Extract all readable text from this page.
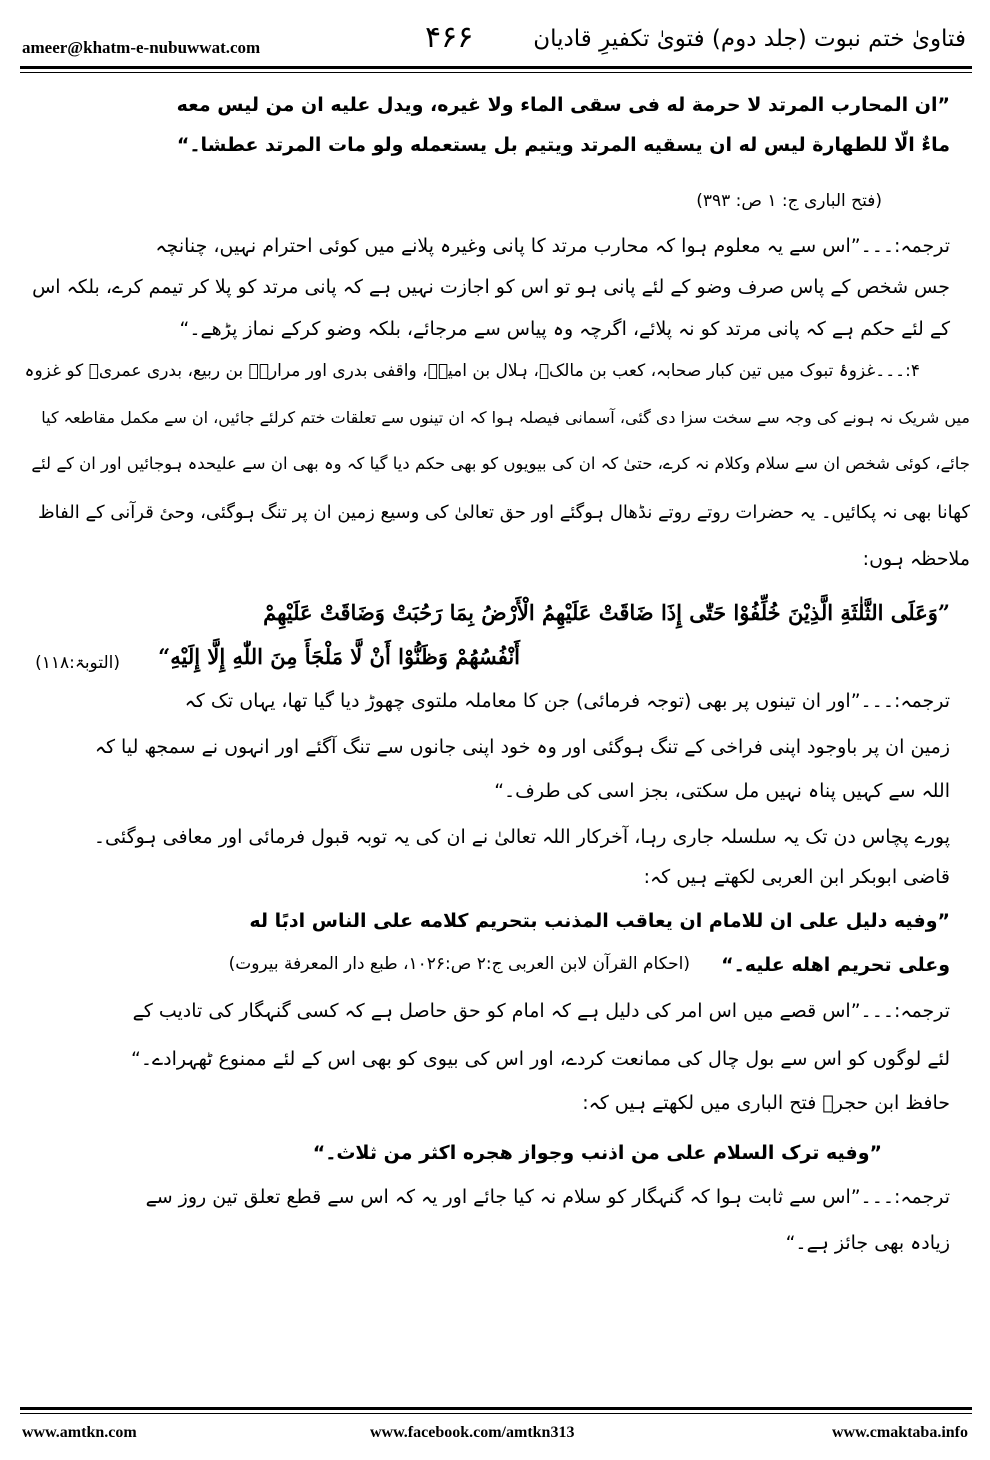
ameer@khatm-e-nubuwwat.com	۴۶۶	فتاویٰ ختم نبوت (جلد دوم) فتویٰ تکفیرِ قادیان
”ان المحارب المرتد لا حرمة له فی سقی الماء ولا غیره، ویدل علیه ان من لیس معه
ماءٌ الّا للطهارة لیس له ان یسقیه المرتد ویتیم بل یستعمله ولو مات المرتد عطشا۔“
(فتح الباری ج: ۱ ص: ۳۹۳)
ترجمہ:۔۔۔”اس سے یہ معلوم ہوا کہ محارب مرتد کا پانی وغیرہ پلانے میں کوئی احترام نہیں، چنانچہ
جس شخص کے پاس صرف وضو کے لئے پانی ہو تو اس کو اجازت نہیں ہے کہ پانی مرتد کو پلا کر تیمم کرے، بلکہ اس
کے لئے حکم ہے کہ پانی مرتد کو نہ پلائے، اگرچہ وہ پیاس سے مرجائے، بلکہ وضو کرکے نماز پڑھے۔“
۴:۔۔۔غزوۂ تبوک میں تین کبار صحابہ، کعب بن مالکؓ، ہلال بن امیہؓ، واقفی بدری اور مرارہؓ بن ربیع، بدری عمریؓ کو غزوہ
میں شریک نہ ہونے کی وجہ سے سخت سزا دی گئی، آسمانی فیصلہ ہوا کہ ان تینوں سے تعلقات ختم کرلئے جائیں، ان سے مکمل مقاطعہ کیا
جائے، کوئی شخص ان سے سلام وکلام نہ کرے، حتیٰ کہ ان کی بیویوں کو بھی حکم دیا گیا کہ وہ بھی ان سے علیحدہ ہوجائیں اور ان کے لئے
کھانا بھی نہ پکائیں۔ یہ حضرات روتے روتے نڈھال ہوگئے اور حق تعالیٰ کی وسیع زمین ان پر تنگ ہوگئی، وحیٔ قرآنی کے الفاظ
ملاحظہ ہوں:
”وَعَلَى الثَّلٰثَةِ الَّذِيْنَ خُلِّفُوْا حَتّٰى إِذَا ضَاقَتْ عَلَيْهِمُ الْأَرْضُ بِمَا رَحُبَتْ وَضَاقَتْ عَلَيْهِمْ
أَنْفُسُهُمْ وَظَنُّوْا أَنْ لَّا مَلْجَأَ مِنَ اللّٰهِ إِلَّا إِلَيْهِ“
(التوبۃ:۱۱۸)
ترجمہ:۔۔۔”اور ان تینوں پر بھی (توجہ فرمائی) جن کا معاملہ ملتوی چھوڑ دیا گیا تھا، یہاں تک کہ
زمین ان پر باوجود اپنی فراخی کے تنگ ہوگئی اور وہ خود اپنی جانوں سے تنگ آگئے اور انہوں نے سمجھ لیا کہ
اللہ سے کہیں پناہ نہیں مل سکتی، بجز اسی کی طرف۔“
پورے پچاس دن تک یہ سلسلہ جاری رہا، آخرکار اللہ تعالیٰ نے ان کی یہ توبہ قبول فرمائی اور معافی ہوگئی۔
قاضی ابوبکر ابن العربی لکھتے ہیں کہ:
”وفیه دلیل علی ان للامام ان یعاقب المذنب بتحریم کلامه علی الناس ادبًا له
وعلی تحریم اهله علیه۔“
(احکام القرآن لابن العربی ج:۲ ص:۱۰۲۶، طبع دار المعرفة بیروت)
ترجمہ:۔۔۔”اس قصے میں اس امر کی دلیل ہے کہ امام کو حق حاصل ہے کہ کسی گنہگار کی تادیب کے
لئے لوگوں کو اس سے بول چال کی ممانعت کردے، اور اس کی بیوی کو بھی اس کے لئے ممنوع ٹھہرادے۔“
حافظ ابن حجرؒ فتح الباری میں لکھتے ہیں کہ:
”وفیه ترک السلام علی من اذنب وجواز هجره اکثر من ثلاث۔“
ترجمہ:۔۔۔”اس سے ثابت ہوا کہ گنہگار کو سلام نہ کیا جائے اور یہ کہ اس سے قطع تعلق تین روز سے
زیادہ بھی جائز ہے۔“
www.amtkn.com	www.facebook.com/amtkn313	www.cmaktaba.info
